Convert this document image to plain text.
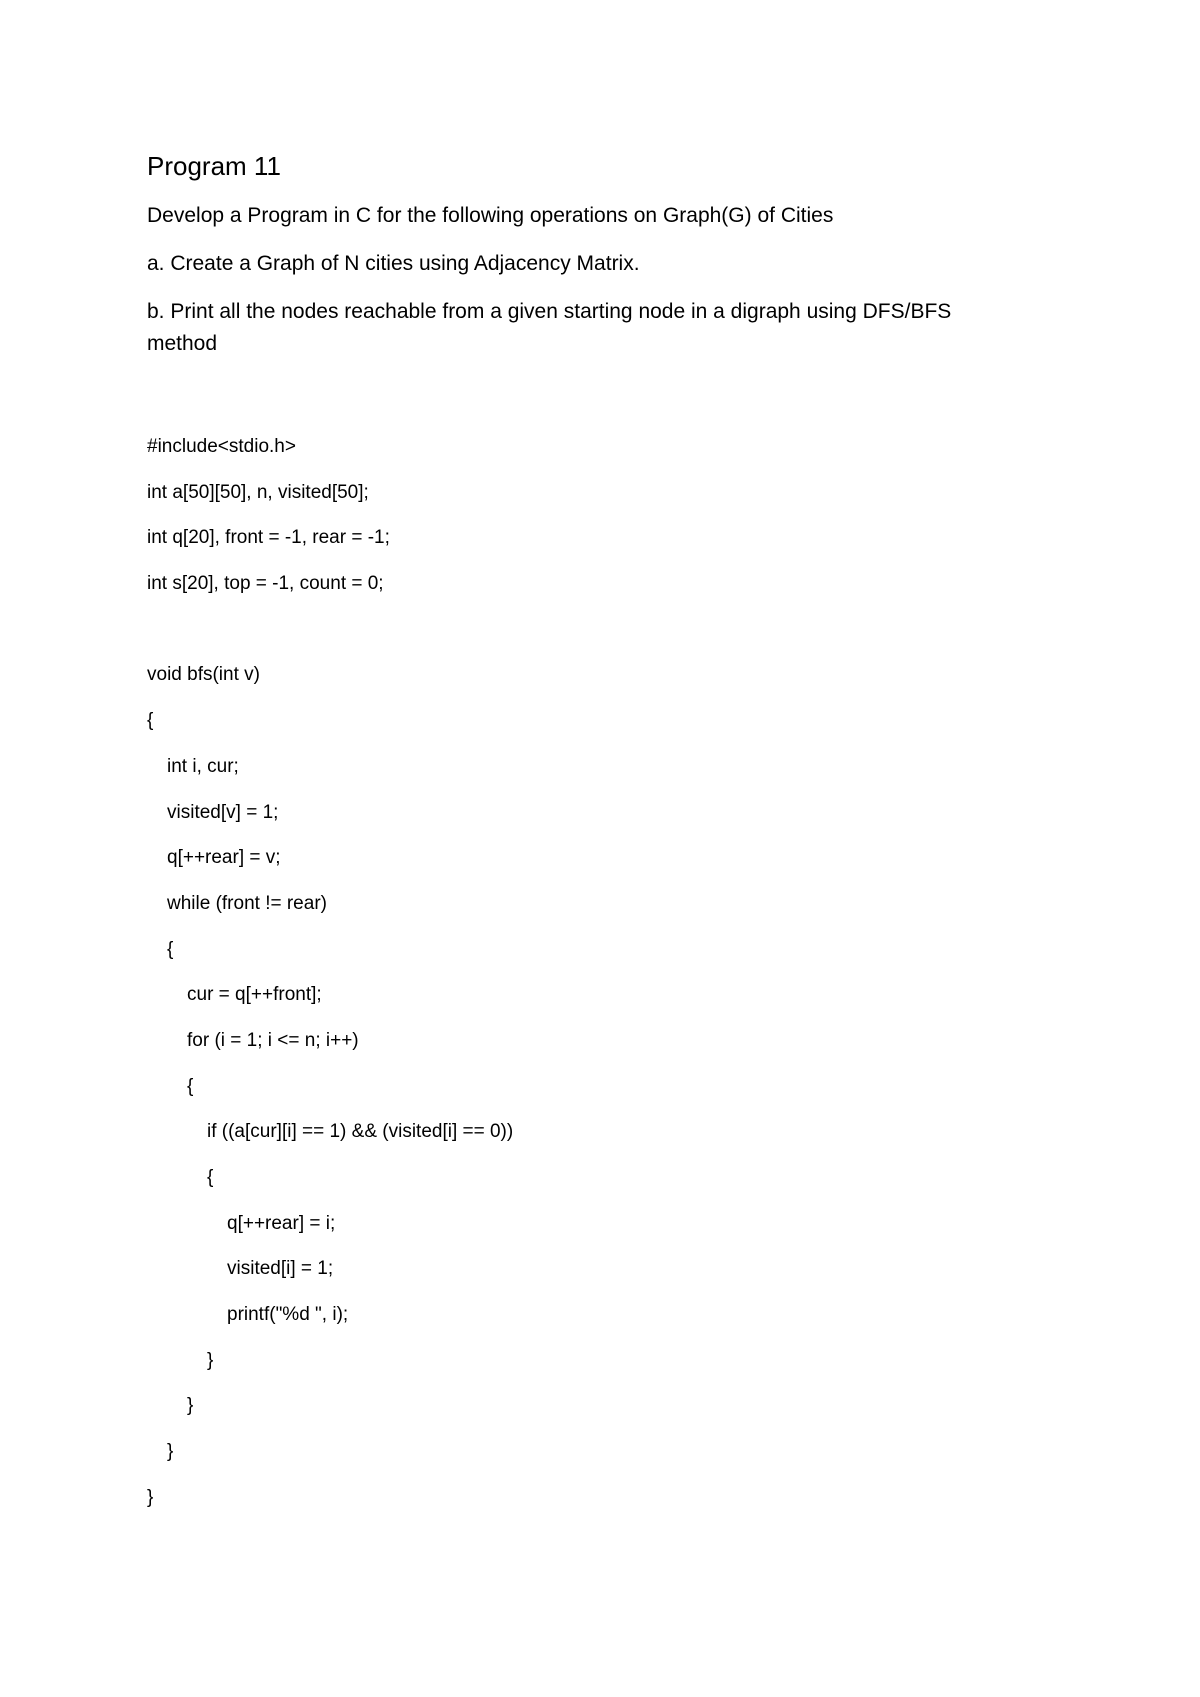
Program 11
Develop a Program in C for the following operations on Graph(G) of Cities
a. Create a Graph of N cities using Adjacency Matrix.
b. Print all the nodes reachable from a given starting node in a digraph using DFS/BFS method
#include<stdio.h>
int a[50][50], n, visited[50];
int q[20], front = -1, rear = -1;
int s[20], top = -1, count = 0;
void bfs(int v)
{
int i, cur;
visited[v] = 1;
q[++rear] = v;
while (front != rear)
{
cur = q[++front];
for (i = 1; i <= n; i++)
{
if ((a[cur][i] == 1) && (visited[i] == 0))
{
q[++rear] = i;
visited[i] = 1;
printf("%d ", i);
}
}
}
}
